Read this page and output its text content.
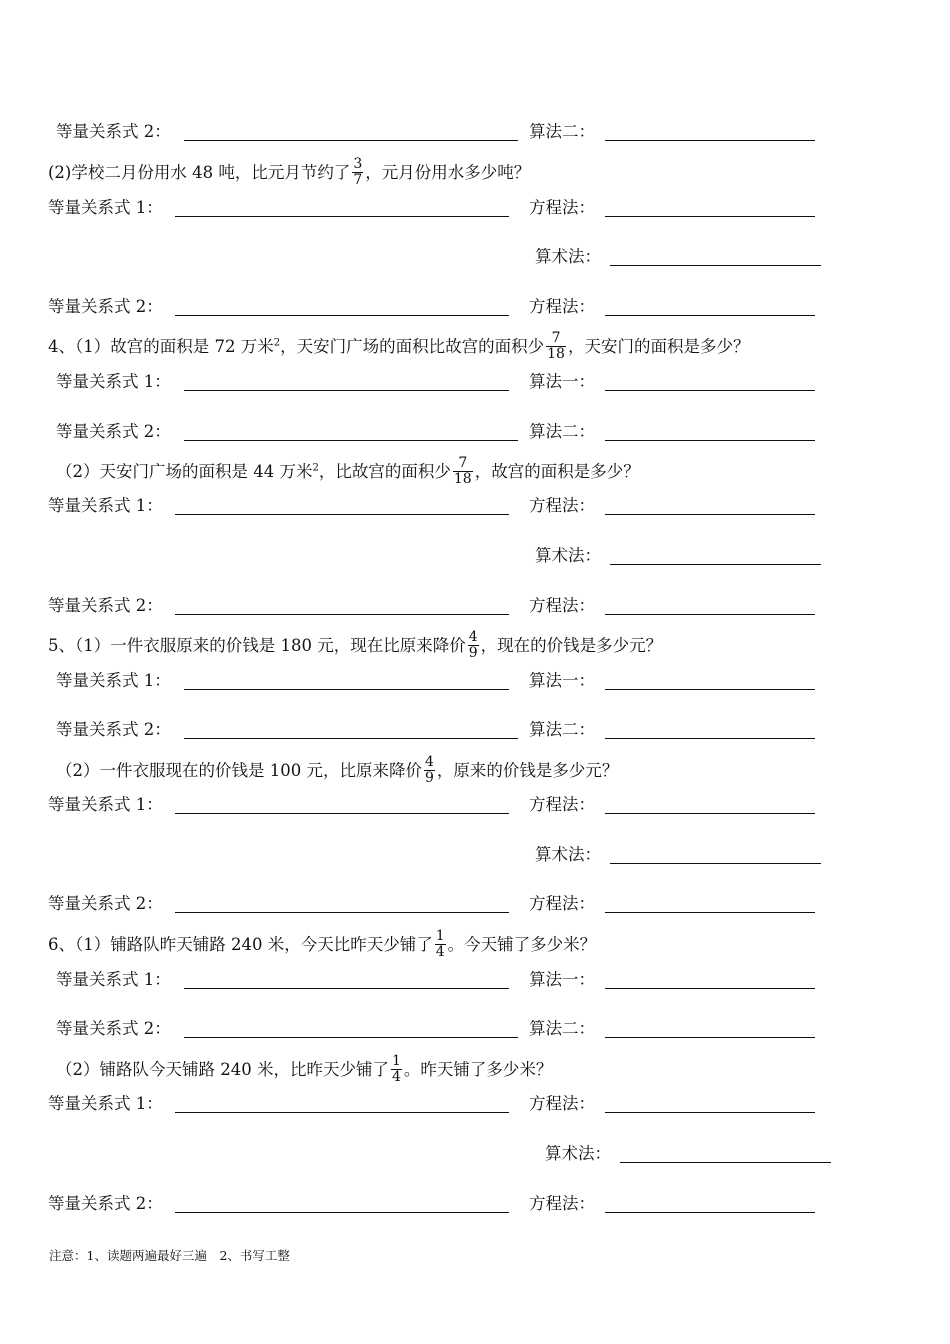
等量关系式 2：	算法二：
(2)学校二月份用水 48 吨，比元月节约了 $\frac{3}{7}$ ，元月份用水多少吨？
等量关系式 1：	方程法：
算术法：
等量关系式 2：	方程法：
4、（1）故宫的面积是 72 万米$^2$，天安门广场的面积比故宫的面积少 $\frac{7}{18}$ ，天安门的面积是多少？
等量关系式 1：	算法一：
等量关系式 2：	算法二：
（2）天安门广场的面积是 44 万米$^2$，比故宫的面积少 $\frac{7}{18}$ ，故宫的面积是多少？
等量关系式 1：	方程法：
算术法：
等量关系式 2：	方程法：
5、（1）一件衣服原来的价钱是 180 元，现在比原来降价 $\frac{4}{9}$ ，现在的价钱是多少元？
等量关系式 1：	算法一：
等量关系式 2：	算法二：
（2）一件衣服现在的价钱是 100 元，比原来降价 $\frac{4}{9}$ ，原来的价钱是多少元？
等量关系式 1：	方程法：
算术法：
等量关系式 2：	方程法：
6、（1）铺路队昨天铺路 240 米，今天比昨天少铺了 $\frac{1}{4}$ 。今天铺了多少米？
等量关系式 1：	算法一：
等量关系式 2：	算法二：
（2）铺路队今天铺路 240 米，比昨天少铺了 $\frac{1}{4}$ 。昨天铺了多少米？
等量关系式 1：	方程法：
算术法：
等量关系式 2：	方程法：
注意：1、读题两遍最好三遍　2、书写工整
